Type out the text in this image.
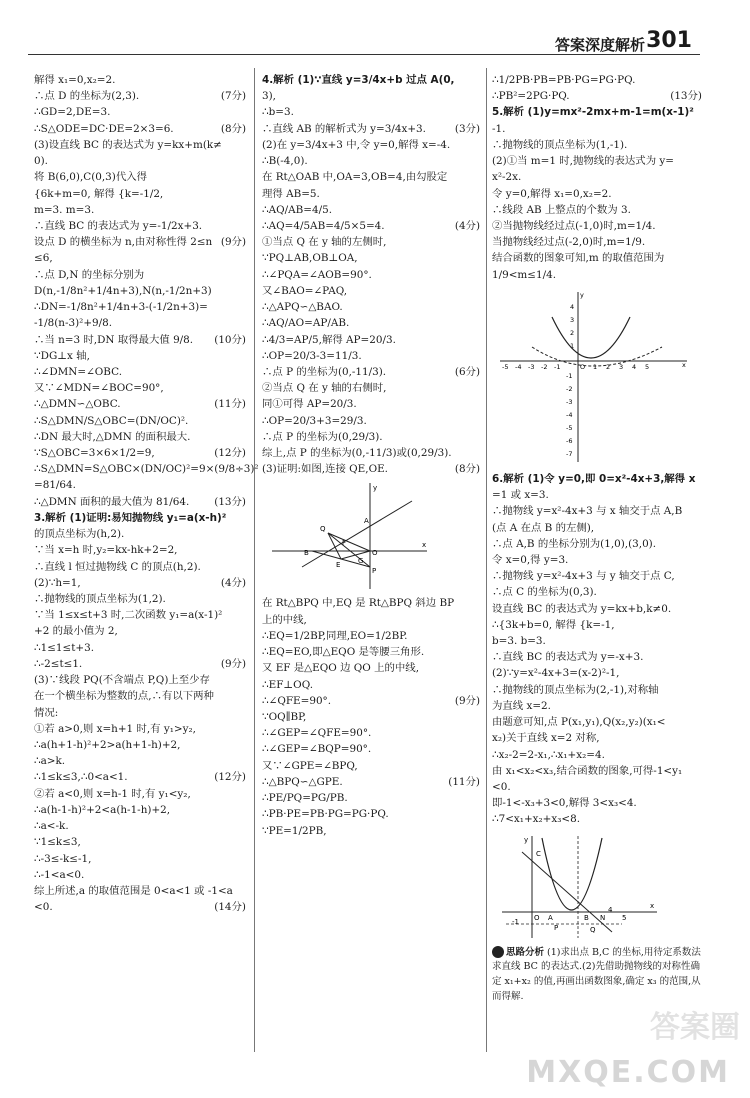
答案深度解析 301
解得 x₁=0,x₂=2.
∴点 D 的坐标为(2,3).	(7分)
∴GD=2,DE=3.
∴S△ODE=DC·DE=2×3=6.	(8分)
(3)设直线 BC 的表达式为 y=kx+m(k≠
0).
将 B(6,0),C(0,3)代入得
{6k+m=0, 解得 {k=-1/2,
m=3. m=3.
∴直线 BC 的表达式为 y=-1/2x+3.
(9分)
设点 D 的横坐标为 n,由对称性得 2≤n
≤6,
∴点 D,N 的坐标分别为
D(n,-1/8n²+1/4n+3),N(n,-1/2n+3)
∴DN=-1/8n²+1/4n+3-(-1/2n+3)=
-1/8(n-3)²+9/8.
∴当 n=3 时,DN 取得最大值 9/8. (10分)
∵DG⊥x 轴,
∴∠DMN=∠OBC.
又∵∠MDN=∠BOC=90°,
∴△DMN∽△OBC.	(11分)
∴S△DMN/S△OBC=(DN/OC)².
∴DN 最大时,△DMN 的面积最大.
(12分)
∵S△OBC=3×6×1/2=9,
∴S△DMN=S△OBC×(DN/OC)²=9×(9/8÷3)²
=81/64.
∴△DMN 面积的最大值为 81/64. (13分)
3.解析 (1)证明:易知抛物线 y₁=a(x-h)²
的顶点坐标为(h,2).
∵当 x=h 时,y₂=kx-hk+2=2,
∴直线 l 恒过抛物线 C 的顶点(h,2).
(4分)
(2)∵h=1,
∴抛物线的顶点坐标为(1,2).
∵当 1≤x≤t+3 时,二次函数 y₁=a(x-1)²
+2 的最小值为 2,
∴1≤1≤t+3.
∴-2≤t≤1.	(9分)
(3)∵线段 PQ(不含端点 P,Q)上至少存
在一个横坐标为整数的点,∴有以下两种
情况:
①若 a>0,则 x=h+1 时,有 y₁>y₂,
∴a(h+1-h)²+2>a(h+1-h)+2,
∴a>k.
∴1≤k≤3,∴0<a<1.	(12分)
②若 a<0,则 x=h-1 时,有 y₁<y₂,
∴a(h-1-h)²+2<a(h-1-h)+2,
∴a<-k.
∵1≤k≤3,
∴-3≤-k≤-1,
∴-1<a<0.
综上所述,a 的取值范围是 0<a<1 或 -1<a
<0.	(14分)
4.解析 (1)∵直线 y=3/4x+b 过点 A(0,
3),
∴b=3.
∴直线 AB 的解析式为 y=3/4x+3.	(3分)
(2)在 y=3/4x+3 中,令 y=0,解得 x=-4.
∴B(-4,0).
在 Rt△OAB 中,OA=3,OB=4,由勾股定
理得 AB=5.
∴AQ/AB=4/5.
∴AQ=4/5AB=4/5×5=4.	(4分)
①当点 Q 在 y 轴的左侧时,
∵PQ⊥AB,OB⊥OA,
∴∠PQA=∠AOB=90°.
又∠BAO=∠PAQ,
∴△APQ∽△BAO.
∴AQ/AO=AP/AB.
∴4/3=AP/5,解得 AP=20/3.
∴OP=20/3-3=11/3.
∴点 P 的坐标为(0,-11/3).	(6分)
②当点 Q 在 y 轴的右侧时,
同①可得 AP=20/3.
∴OP=20/3+3=29/3.
∴点 P 的坐标为(0,29/3).
综上,点 P 的坐标为(0,-11/3)或(0,29/3).
(8分)
(3)证明:如图,连接 QE,OE.
A
Q
B	O
P
E
F
G
x
y
在 Rt△BPQ 中,EQ 是 Rt△BPQ 斜边 BP
上的中线,
∴EQ=1/2BP,同理,EO=1/2BP.
∴EQ=EO,即△EQO 是等腰三角形.
又 EF 是△EQO 边 QO 上的中线,
∴EF⊥OQ.
∴∠QFE=90°.	(9分)
∵OQ∥BP,
∴∠GEP=∠QFE=90°.
∴∠GEP=∠BQP=90°.
又∵∠GPE=∠BPQ,
∴△BPQ∽△GPE.	(11分)
∴PE/PQ=PG/PB.
∴PB·PE=PB·PG=PG·PQ.
∵PE=1/2PB,
∴1/2PB·PB=PB·PG=PG·PQ.
∴PB²=2PG·PQ.	(13分)
5.解析 (1)y=mx²-2mx+m-1=m(x-1)²
-1.
∴抛物线的顶点坐标为(1,-1).
(2)①当 m=1 时,抛物线的表达式为 y=
x²-2x.
令 y=0,解得 x₁=0,x₂=2.
∴线段 AB 上整点的个数为 3.
②当抛物线经过点(-1,0)时,m=1/4.
当抛物线经过点(-2,0)时,m=1/9.
结合函数的图象可知,m 的取值范围为
1/9<m≤1/4.
-5 -4 -3 -2 -1	O 1 2 3 4 5	x
y
4
3
2
1
-1
-2
-3
-4
-5
-6
-7
6.解析 (1)令 y=0,即 0=x²-4x+3,解得 x
=1 或 x=3.
∴抛物线 y=x²-4x+3 与 x 轴交于点 A,B
(点 A 在点 B 的左侧),
∴点 A,B 的坐标分别为(1,0),(3,0).
令 x=0,得 y=3.
∴抛物线 y=x²-4x+3 与 y 轴交于点 C,
∴点 C 的坐标为(0,3).
设直线 BC 的表达式为 y=kx+b,k≠0.
∴{3k+b=0, 解得 {k=-1,
b=3. b=3.
∴直线 BC 的表达式为 y=-x+3.
(2)∵y=x²-4x+3=(x-2)²-1,
∴抛物线的顶点坐标为(2,-1),对称轴
为直线 x=2.
由题意可知,点 P(x₁,y₁),Q(x₂,y₂)(x₁<
x₂)关于直线 x=2 对称,
∴x₂-2=2-x₁,∴x₁+x₂=4.
由 x₁<x₂<x₃,结合函数的图象,可得-1<y₁
<0.
即-1<-x₃+3<0,解得 3<x₃<4.
∴7<x₁+x₂+x₃<8.
C
y
A	B N
P	Q
-1 O
4
5
x
思路分析 (1)求出点 B,C 的坐标,用待定系数法求直线 BC 的表达式.(2)先借助抛物线的对称性确定 x₁+x₂ 的值,再画出函数图象,确定 x₃ 的范围,从而得解.
答案圈
MXQE.COM
